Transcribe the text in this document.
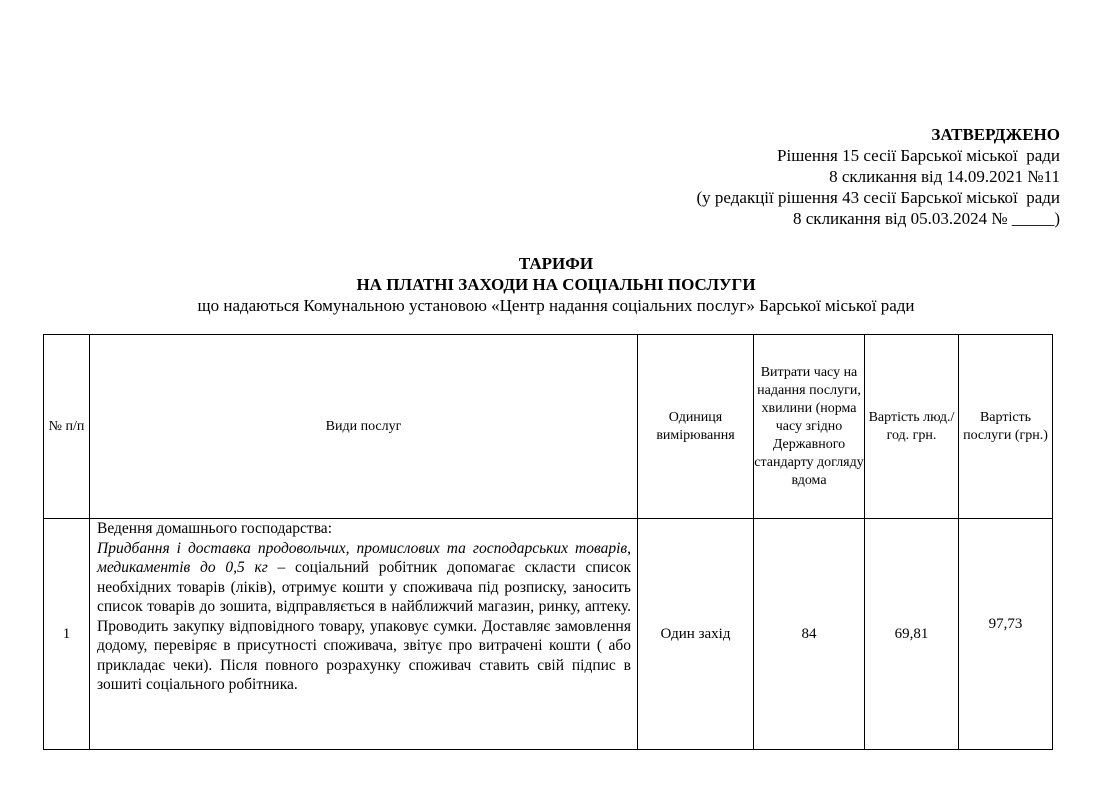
ЗАТВЕРДЖЕНО
Рішення 15 сесії Барської міської  ради
8 скликання від 14.09.2021 №11
(у редакції рішення 43 сесії Барської міської  ради
8 скликання від 05.03.2024 № _____)
ТАРИФИ
НА ПЛАТНІ ЗАХОДИ НА СОЦІАЛЬНІ ПОСЛУГИ
що надаються Комунальною установою «Центр надання соціальних послуг» Барської міської ради
№ п/п	Види послуг	Одиниця вимірювання	Витрати часу на надання послуги, хвилини (норма часу згідно Державного стандарту догляду вдома	Вартість люд./год. грн.	Вартість послуги (грн.)
1	Ведення домашнього господарства:
Придбання і доставка продовольчих, промислових та господарських товарів, медикаментів до 0,5 кг – соціальний робітник допомагає скласти список необхідних товарів (ліків), отримує кошти у споживача під розписку, заносить список товарів до зошита, відправляється в найближчий магазин, ринку, аптеку. Проводить закупку відповідного товару, упаковує сумки. Доставляє замовлення додому, перевіряє в присутності споживача, звітує про витрачені кошти ( або прикладає чеки). Після повного розрахунку споживач ставить свій підпис в зошиті соціального робітника.	Один захід	84	69,81	97,73
